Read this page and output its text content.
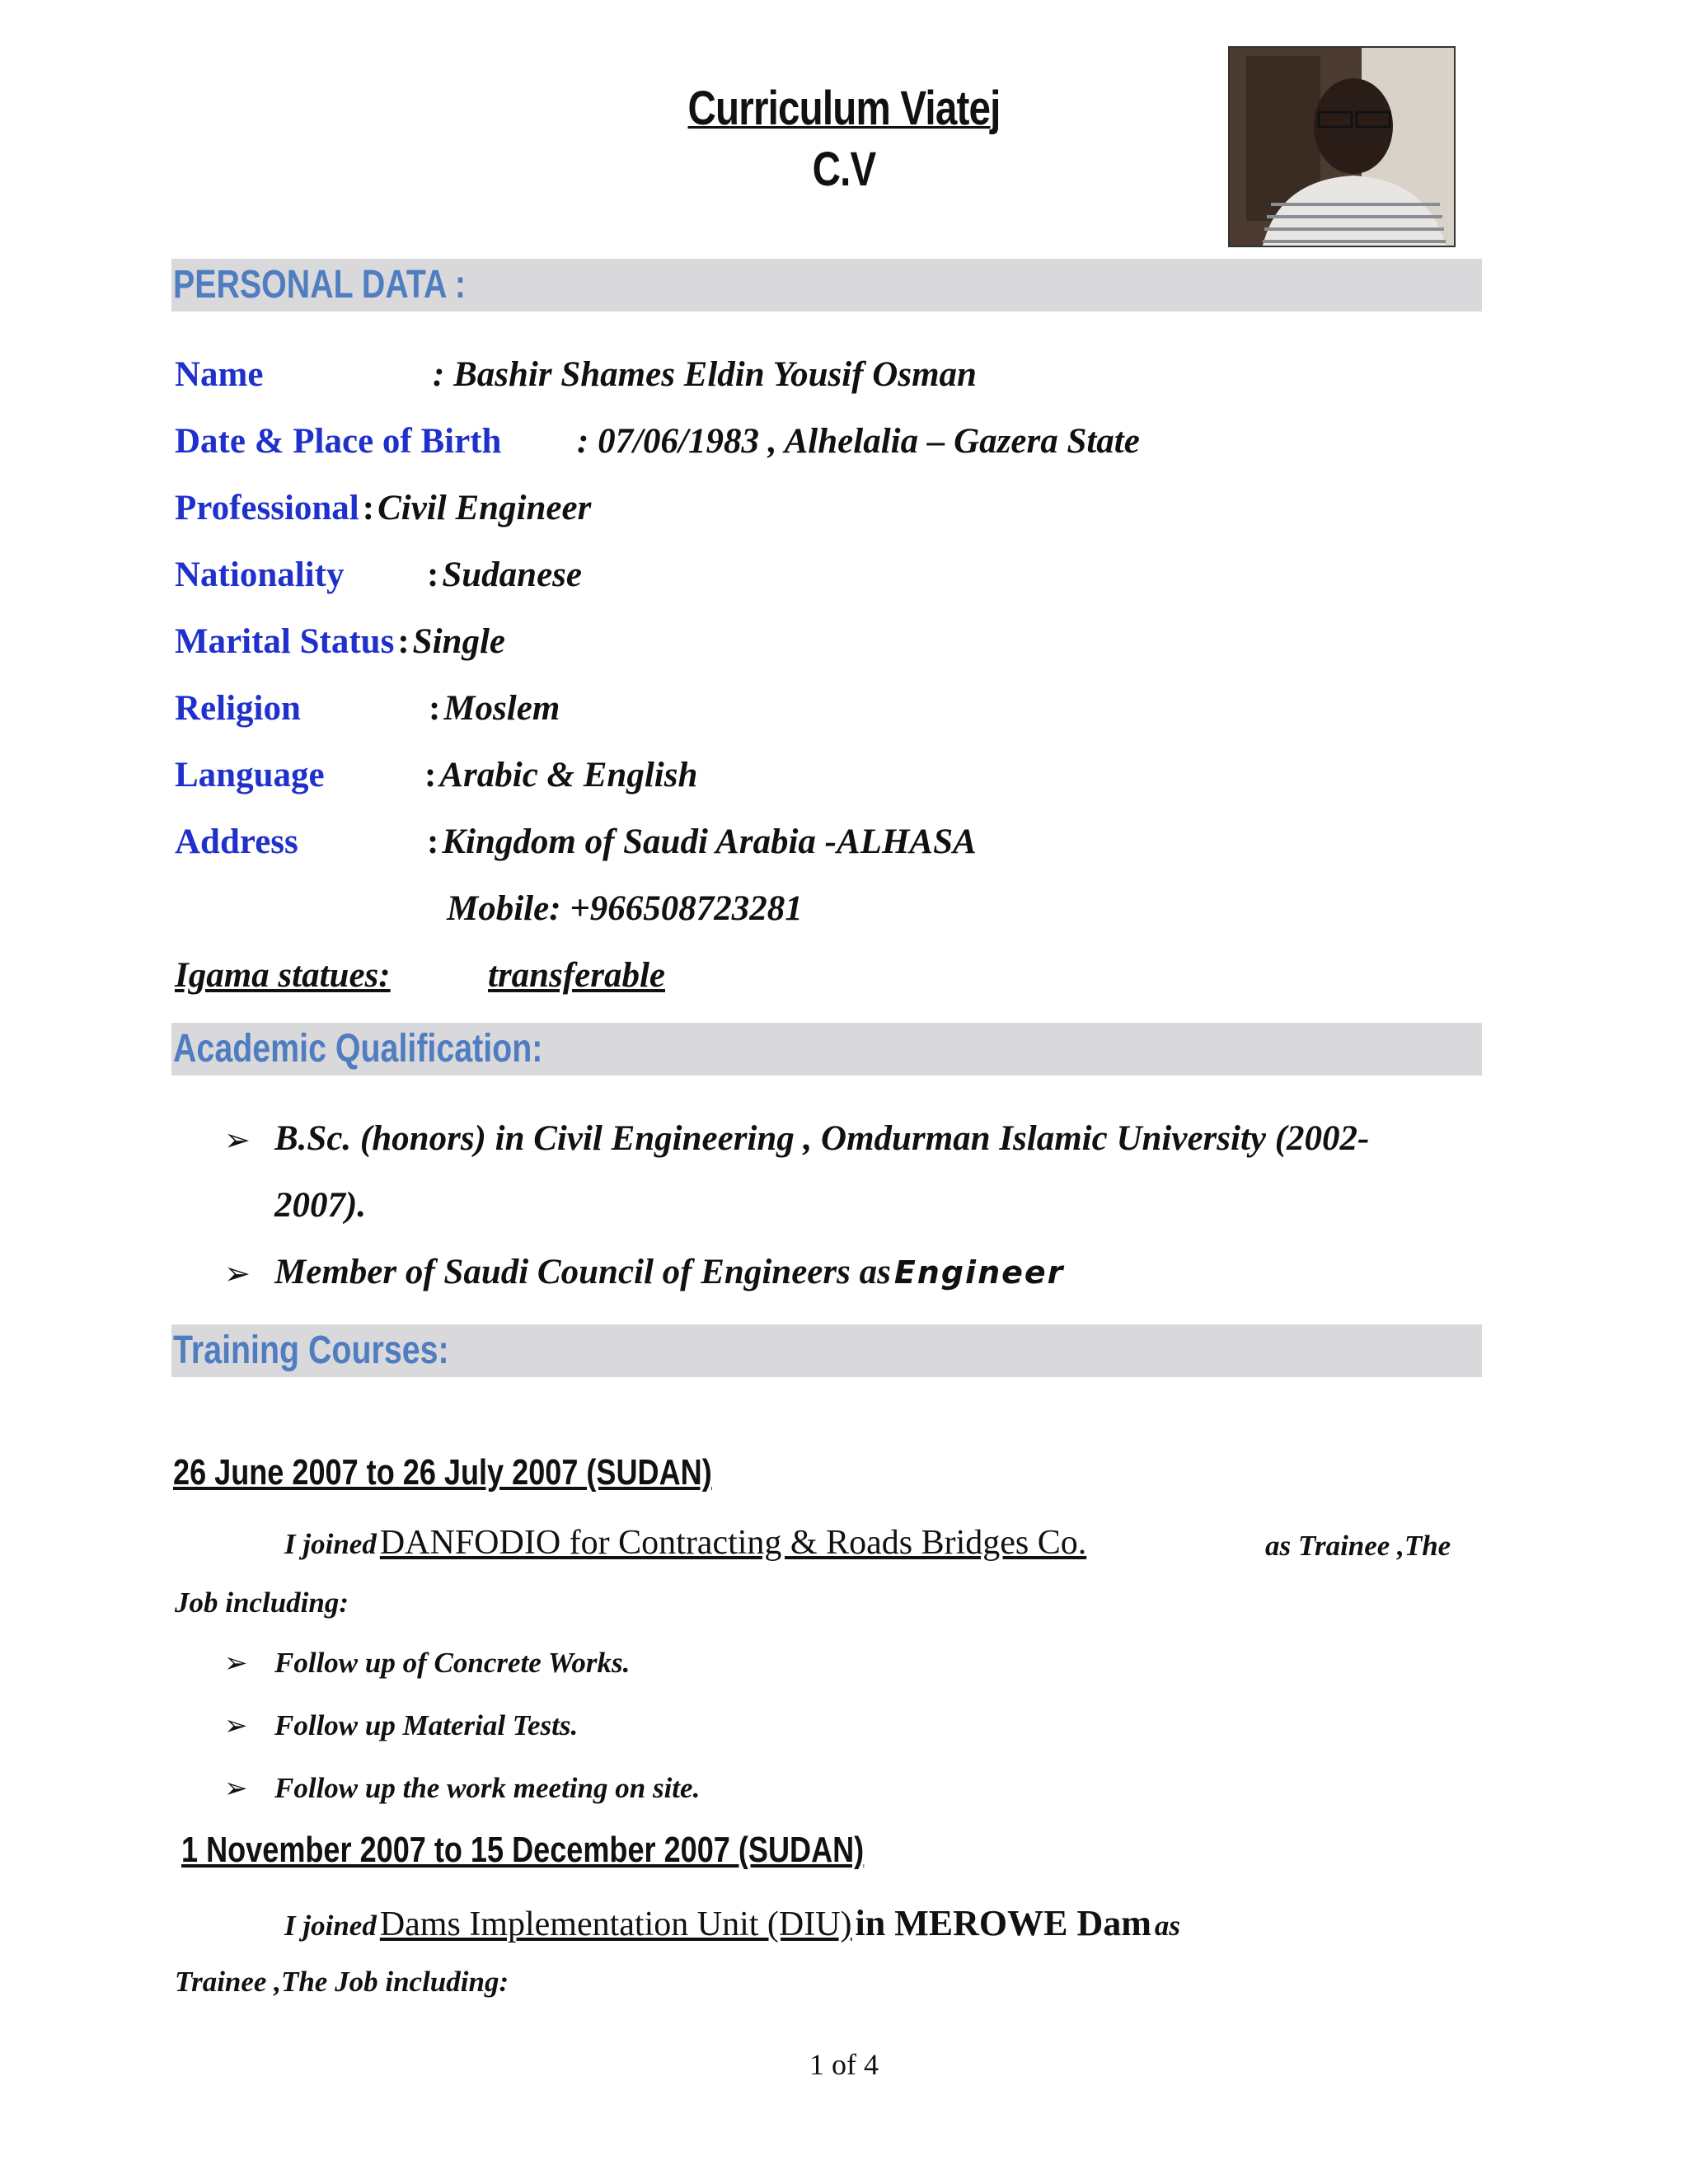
Curriculum Viatej
C.V
PERSONAL DATA :
Name	: Bashir Shames Eldin Yousif Osman
Date & Place of Birth : 07/06/1983 , Alhelalia – Gazera State
Professional : Civil Engineer
Nationality : Sudanese
Marital Status : Single
Religion	: Moslem
Language	: Arabic & English
Address	: Kingdom of Saudi Arabia -ALHASA
Mobile: +966508723281
Igama statues:	transferable
Academic Qualification:
➢ B.Sc. (honors) in Civil Engineering , Omdurman Islamic University (2002-
2007).
➢ Member of Saudi Council of Engineers as Engineer
Training Courses:
26 June 2007 to 26 July 2007 (SUDAN)
I joined DANFODIO for Contracting & Roads Bridges Co.	as Trainee ,The
Job including:
➢ Follow up of Concrete Works.
➢ Follow up Material Tests.
➢ Follow up the work meeting on site.
1 November 2007 to 15 December 2007 (SUDAN)
I joined Dams Implementation Unit (DIU) in MEROWE Dam as
Trainee ,The Job including:
1 of 4
